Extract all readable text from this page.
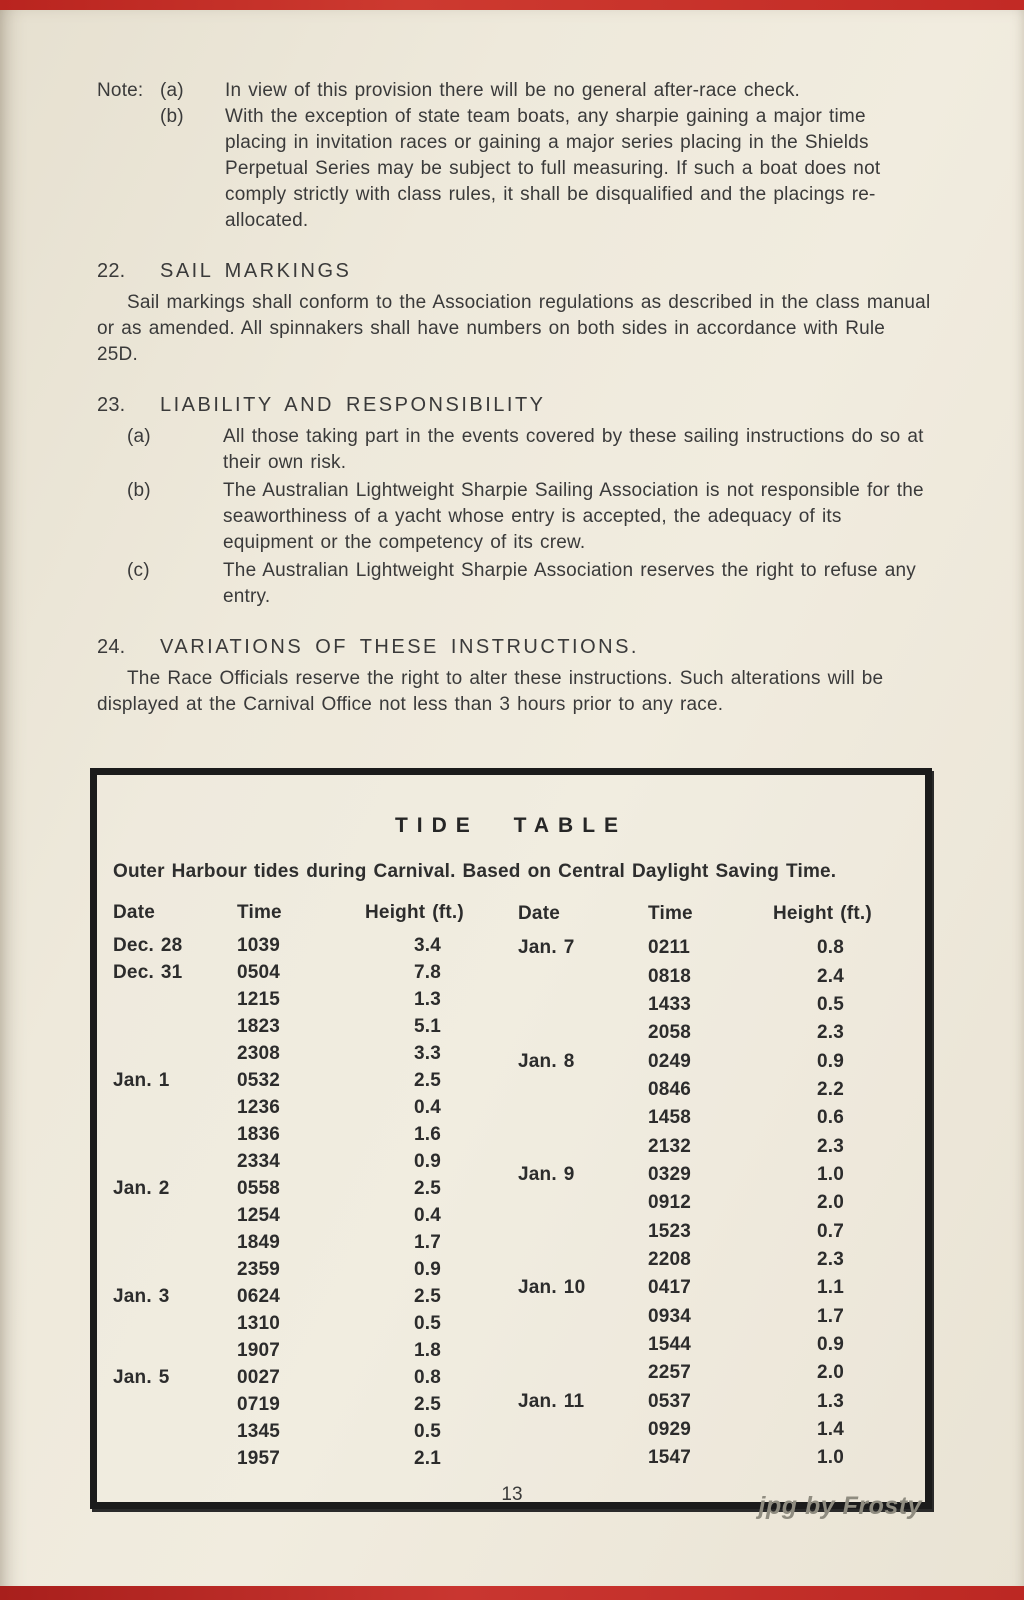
Note: (a)	In view of this provision there will be no general after-race check.
(b)	With the exception of state team boats, any sharpie gaining a major time placing in invitation races or gaining a major series placing in the Shields Perpetual Series may be subject to full measuring. If such a boat does not comply strictly with class rules, it shall be disqualified and the placings re-allocated.
22. SAIL MARKINGS

Sail markings shall conform to the Association regulations as described in the class manual or as amended. All spinnakers shall have numbers on both sides in accordance with Rule 25D.

23. LIABILITY AND RESPONSIBILITY
(a)	All those taking part in the events covered by these sailing instructions do so at their own risk.
(b)	The Australian Lightweight Sharpie Sailing Association is not responsible for the seaworthiness of a yacht whose entry is accepted, the adequacy of its equipment or the competency of its crew.
(c)	The Australian Lightweight Sharpie Association reserves the right to refuse any entry.
24. VARIATIONS OF THESE INSTRUCTIONS.

The Race Officials reserve the right to alter these instructions. Such alterations will be displayed at the Carnival Office not less than 3 hours prior to any race.

TIDE TABLE
Outer Harbour tides during Carnival. Based on Central Daylight Saving Time.
Date	Time	Height (ft.)
Dec. 28	1039	3.4
Dec. 31	0504	7.8
	1215	1.3
	1823	5.1
	2308	3.3
Jan. 1	0532	2.5
	1236	0.4
	1836	1.6
	2334	0.9
Jan. 2	0558	2.5
	1254	0.4
	1849	1.7
	2359	0.9
Jan. 3	0624	2.5
	1310	0.5
	1907	1.8
Jan. 5	0027	0.8
	0719	2.5
	1345	0.5
	1957	2.1
Date	Time	Height (ft.)
Jan. 7	0211	0.8
	0818	2.4
	1433	0.5
	2058	2.3
Jan. 8	0249	0.9
	0846	2.2
	1458	0.6
	2132	2.3
Jan. 9	0329	1.0
	0912	2.0
	1523	0.7
	2208	2.3
Jan. 10	0417	1.1
	0934	1.7
	1544	0.9
	2257	2.0
Jan. 11	0537	1.3
	0929	1.4
	1547	1.0
13	jpg by Frosty
